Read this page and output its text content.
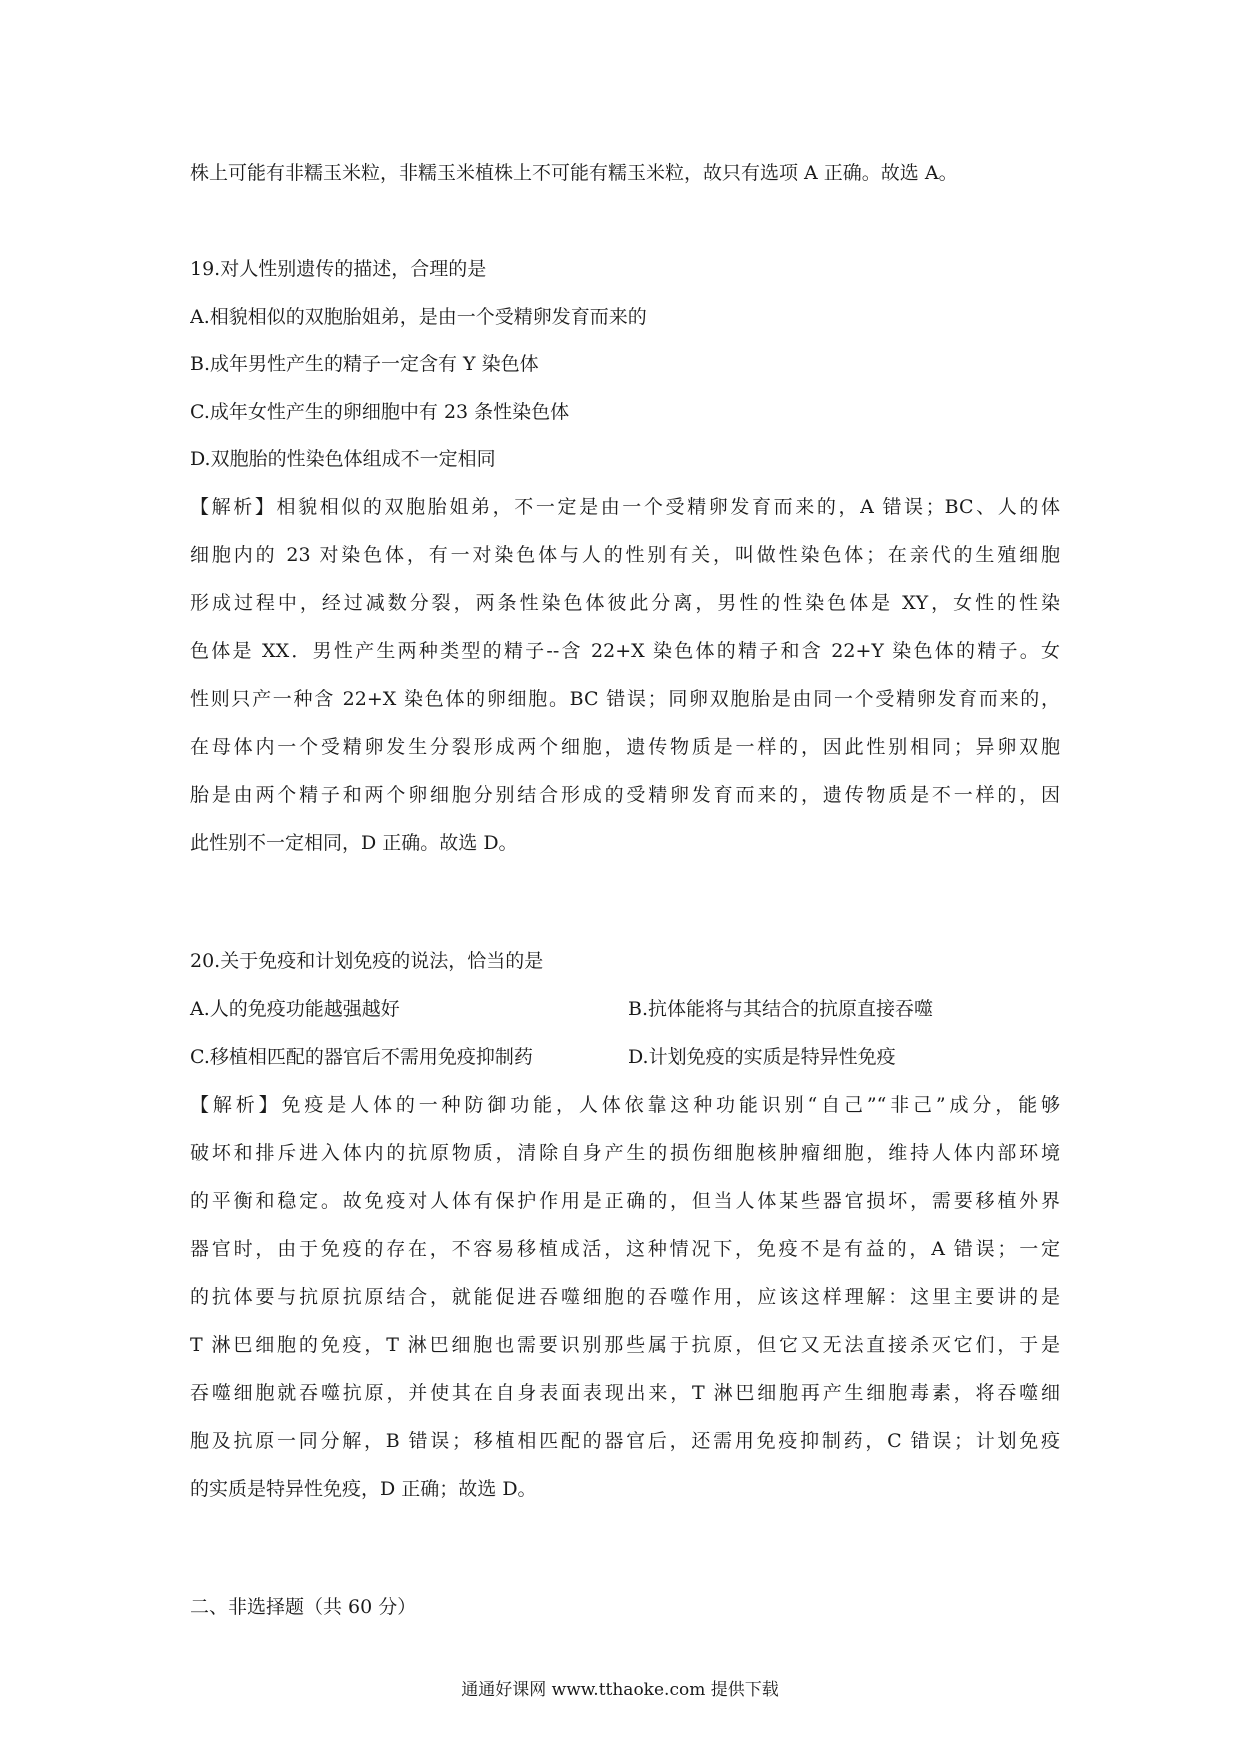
株上可能有非糯玉米粒，非糯玉米植株上不可能有糯玉米粒，故只有选项 A 正确。故选 A。
19.对人性别遗传的描述，合理的是
A.相貌相似的双胞胎姐弟，是由一个受精卵发育而来的
B.成年男性产生的精子一定含有 Y 染色体
C.成年女性产生的卵细胞中有 23 条性染色体
D.双胞胎的性染色体组成不一定相同
【解析】相貌相似的双胞胎姐弟，不一定是由一个受精卵发育而来的，A 错误；BC、人的体
细胞内的 23 对染色体，有一对染色体与人的性别有关，叫做性染色体；在亲代的生殖细胞
形成过程中，经过减数分裂，两条性染色体彼此分离，男性的性染色体是 XY，女性的性染
色体是 XX．男性产生两种类型的精子--含 22+X 染色体的精子和含 22+Y 染色体的精子。女
性则只产一种含 22+X 染色体的卵细胞。BC 错误；同卵双胞胎是由同一个受精卵发育而来的，
在母体内一个受精卵发生分裂形成两个细胞，遗传物质是一样的，因此性别相同；异卵双胞
胎是由两个精子和两个卵细胞分别结合形成的受精卵发育而来的，遗传物质是不一样的，因
此性别不一定相同，D 正确。故选 D。
20.关于免疫和计划免疫的说法，恰当的是
A.人的免疫功能越强越好	B.抗体能将与其结合的抗原直接吞噬
C.移植相匹配的器官后不需用免疫抑制药	D.计划免疫的实质是特异性免疫
【解析】免疫是人体的一种防御功能，人体依靠这种功能识别“自己”“非己”成分，能够
破坏和排斥进入体内的抗原物质，清除自身产生的损伤细胞核肿瘤细胞，维持人体内部环境
的平衡和稳定。故免疫对人体有保护作用是正确的，但当人体某些器官损坏，需要移植外界
器官时，由于免疫的存在，不容易移植成活，这种情况下，免疫不是有益的，A 错误；一定
的抗体要与抗原抗原结合，就能促进吞噬细胞的吞噬作用，应该这样理解：这里主要讲的是
T 淋巴细胞的免疫，T 淋巴细胞也需要识别那些属于抗原，但它又无法直接杀灭它们，于是
吞噬细胞就吞噬抗原，并使其在自身表面表现出来，T 淋巴细胞再产生细胞毒素，将吞噬细
胞及抗原一同分解，B 错误；移植相匹配的器官后，还需用免疫抑制药，C 错误；计划免疫
的实质是特异性免疫，D 正确；故选 D。
二、非选择题（共 60 分）
通通好课网 www.tthaoke.com 提供下载
